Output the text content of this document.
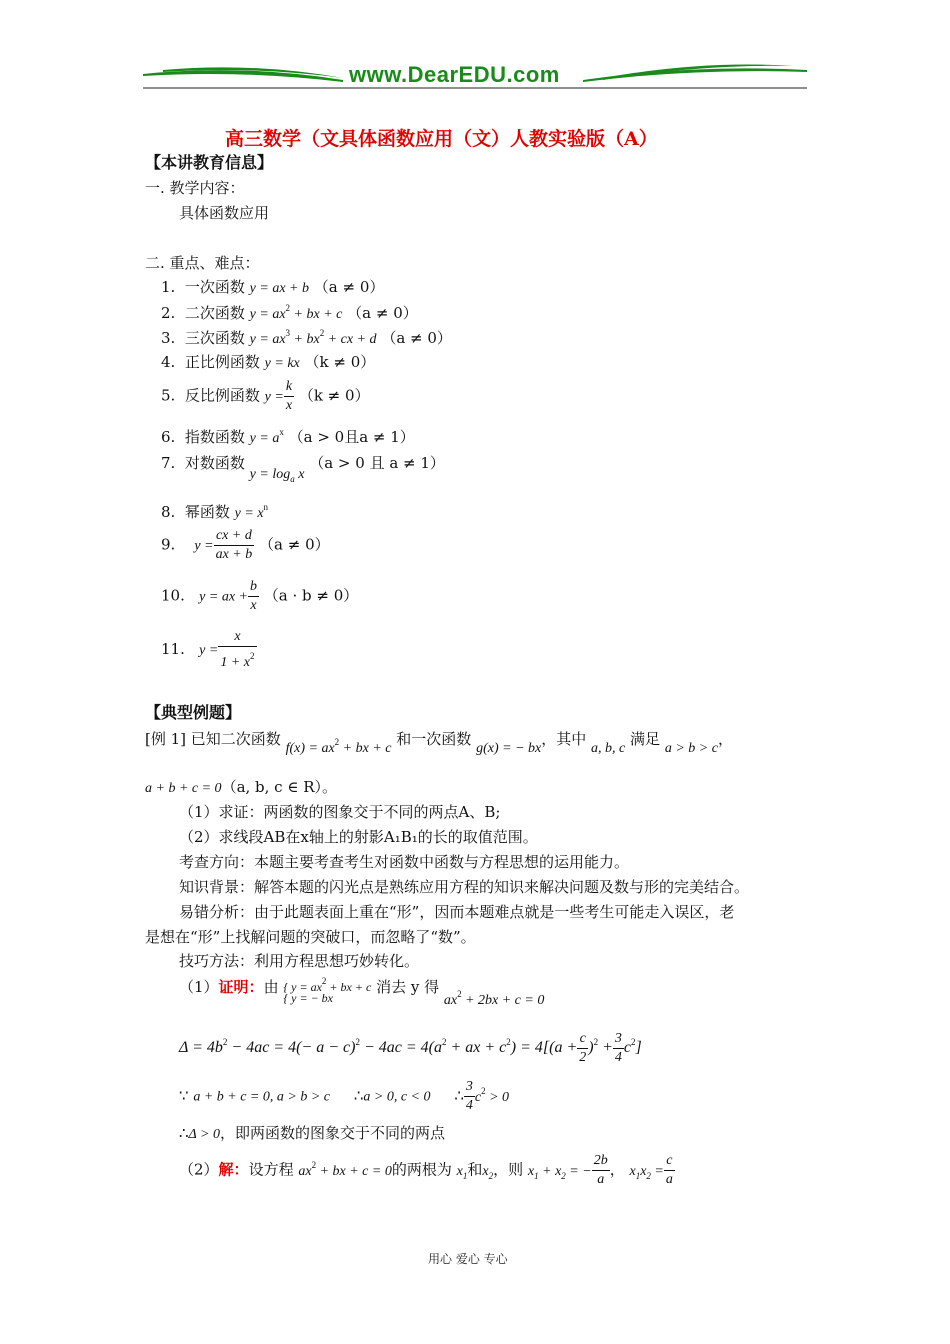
www.DearEDU.com
高三数学（文具体函数应用（文）人教实验版（A）
【本讲教育信息】
一. 教学内容：
具体函数应用
二. 重点、难点：
1. 一次函数 y = ax + b （a ≠ 0）
2. 二次函数 $y = ax^2$ + bx + c （a ≠ 0）
3. 三次函数 $y = ax^3 + bx^2$ + cx + d （a ≠ 0）
4. 正比例函数 y = kx （k ≠ 0）
5. 反比例函数 $y = \frac{k}{x} (k \ne 0)$
6. 指数函数 $y = a^x$ （a > 0且a ≠ 1）
7. 对数函数 $y = \log_a x$ （a > 0 且 a ≠ 1）
8. 幂函数 $y = x^n$
9. $y = \frac{cx + d}{ax + b} (a \ne 0)$
10. y = ax + $\frac{b}{x} (a \cdot b \ne 0)$
11. $y = \frac{x}{1 + x^2}$
【典型例题】
[例 1] 已知二次函数 $f(x) = ax^2$ + bx + c 和一次函数 g(x) = − bx，其中 a, b, c 满足 a > b > c，
a + b + c = 0（a, b, c ∈ R）。
（1）求证：两函数的图象交于不同的两点A、B;
（2）求线段AB在x轴上的射影A₁B₁的长的取值范围。
考查方向：本题主要考查考生对函数中函数与方程思想的运用能力。
知识背景：解答本题的闪光点是熟练应用方程的知识来解决问题及数与形的完美结合。
易错分析：由于此题表面上重在“形”，因而本题难点就是一些考生可能走入误区，老
是想在“形”上找解问题的突破口，而忽略了“数”。
技巧方法：利用方程思想巧妙转化。
（1）证明：由 { $y = ax^2$ + bx + c
{ y = − bx 消去 y 得 $ax^2 + 2bx + c = 0$
$\Delta = 4b^2 - 4ac = 4(- a - c)^2 - 4ac = 4(a^2$ + ax + $c^2) = 4[(a + \frac{c}{2} )^2 + \frac{3}{4} c^2]$
∵ a + b + c = 0, a > b > c ∴a > 0, c < 0 ∴ $\frac{3}{4} c^2 > 0$
∴Δ > 0，即两函数的图象交于不同的两点
（2）解：设方程 $ax^2$ + bx + c = 0的两根为 $x_1$和$x_2$，则 $x_1 + x_2$ = − $\frac{2b}{a}$ ， $x_1x_2 = \frac{c}{a}$
用心 爱心 专心
